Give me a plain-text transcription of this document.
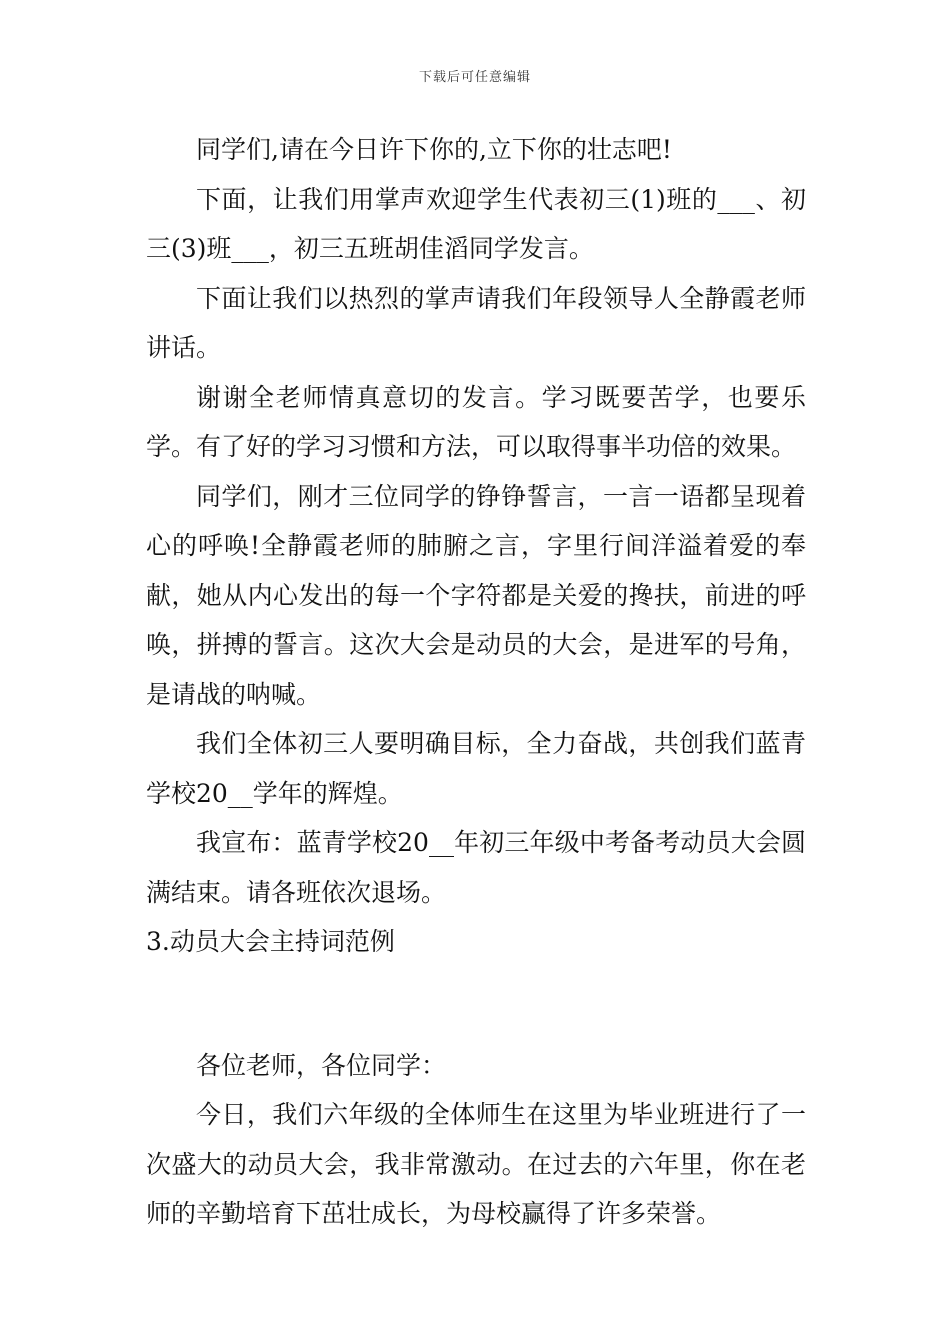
下载后可任意编辑

同学们,请在今日许下你的,立下你的壮志吧!

下面，让我们用掌声欢迎学生代表初三(1)班的___、初三(3)班___，初三五班胡佳滔同学发言。

下面让我们以热烈的掌声请我们年段领导人全静霞老师讲话。

谢谢全老师情真意切的发言。学习既要苦学，也要乐学。有了好的学习习惯和方法，可以取得事半功倍的效果。

同学们，刚才三位同学的铮铮誓言，一言一语都呈现着心的呼唤!全静霞老师的肺腑之言，字里行间洋溢着爱的奉献，她从内心发出的每一个字符都是关爱的搀扶，前进的呼唤，拼搏的誓言。这次大会是动员的大会，是进军的号角，是请战的呐喊。

我们全体初三人要明确目标，全力奋战，共创我们蓝青学校20__学年的辉煌。

我宣布：蓝青学校20__年初三年级中考备考动员大会圆满结束。请各班依次退场。

3.动员大会主持词范例

各位老师，各位同学：

今日，我们六年级的全体师生在这里为毕业班进行了一次盛大的动员大会，我非常激动。在过去的六年里，你在老师的辛勤培育下茁壮成长，为母校赢得了许多荣誉。
